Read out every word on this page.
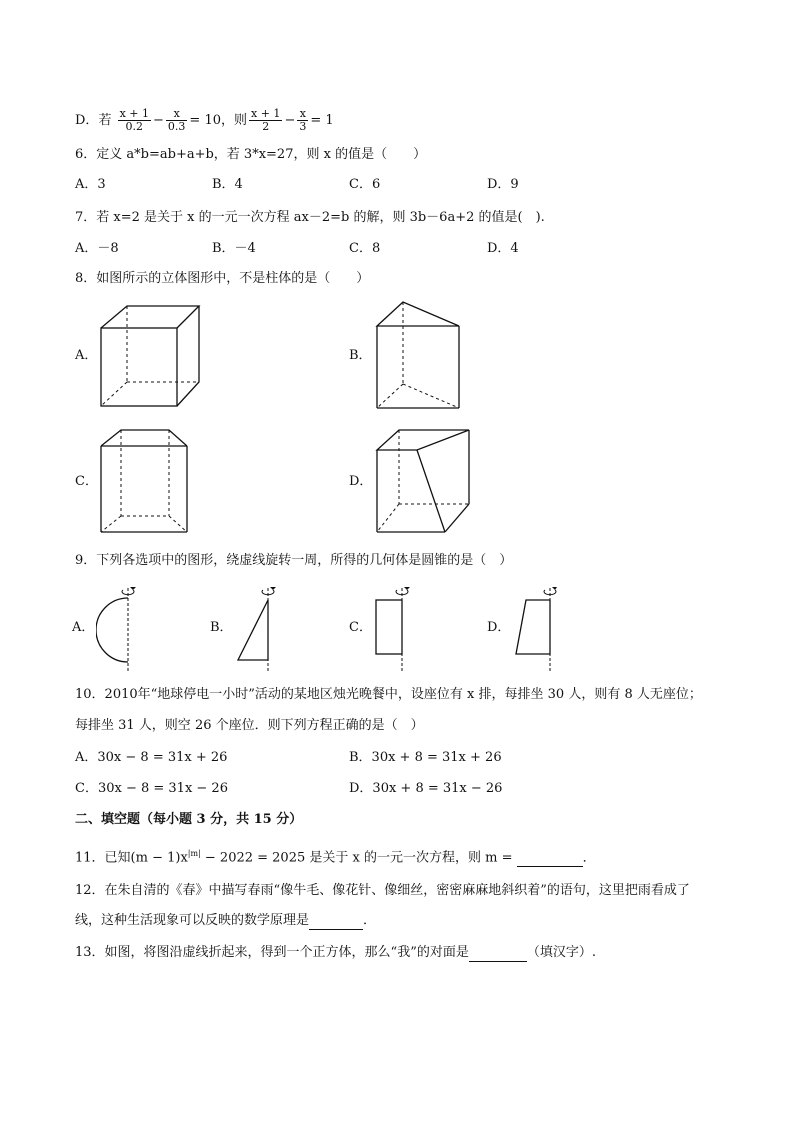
D．若 $\frac{x + 1}{0.2} - \frac{x}{0.3} = 10$，则 $\frac{x + 1}{2} - \frac{x}{3} = 1$
6．定义 a*b=ab+a+b，若 3*x=27，则 x 的值是（　　）
A．3	B．4	C．6	D．9
7．若 x=2 是关于 x 的一元一次方程 ax－2=b 的解，则 3b－6a+2 的值是(　).
A．－8	B．－4	C．8	D．4
8．如图所示的立体图形中，不是柱体的是（　　）
A．	B．
C．	D．
9．下列各选项中的图形，绕虚线旋转一周，所得的几何体是圆锥的是（　）
A．	B．	C．	D．
10．2010年“地球停电一小时”活动的某地区烛光晚餐中，设座位有 x 排，每排坐 30 人，则有 8 人无座位；
每排坐 31 人，则空 26 个座位．则下列方程正确的是（　）
A．30x − 8 = 31x + 26	B．30x + 8 = 31x + 26
C．30x − 8 = 31x − 26	D．30x + 8 = 31x − 26
二、填空题（每小题 3 分，共 15 分）
11．已知$(m - 1)x^{|m|} - 2022 = 2025$ 是关于 x 的一元一次方程，则 m =	．
12．在朱自清的《春》中描写春雨“像牛毛、像花针、像细丝，密密麻麻地斜织着”的语句，这里把雨看成了
线，这种生活现象可以反映的数学原理是	．
13．如图，将图沿虚线折起来，得到一个正方体，那么“我”的对面是	（填汉字）.
